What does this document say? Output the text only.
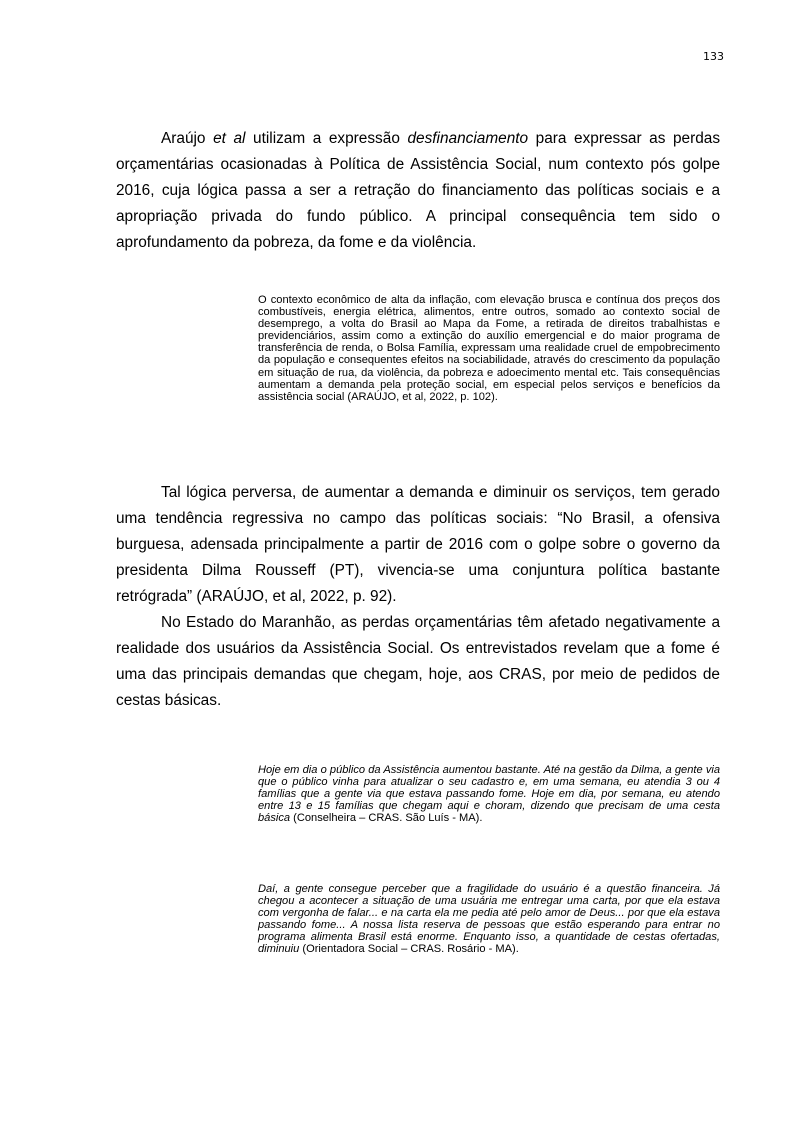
133

Araújo et al utilizam a expressão desfinanciamento para expressar as perdas orçamentárias ocasionadas à Política de Assistência Social, num contexto pós golpe 2016, cuja lógica passa a ser a retração do financiamento das políticas sociais e a apropriação privada do fundo público. A principal consequência tem sido o aprofundamento da pobreza, da fome e da violência.

O contexto econômico de alta da inflação, com elevação brusca e contínua dos preços dos combustíveis, energia elétrica, alimentos, entre outros, somado ao contexto social de desemprego, a volta do Brasil ao Mapa da Fome, a retirada de direitos trabalhistas e previdenciários, assim como a extinção do auxílio emergencial e do maior programa de transferência de renda, o Bolsa Família, expressam uma realidade cruel de empobrecimento da população e consequentes efeitos na sociabilidade, através do crescimento da população em situação de rua, da violência, da pobreza e adoecimento mental etc. Tais consequências aumentam a demanda pela proteção social, em especial pelos serviços e benefícios da assistência social (ARAÚJO, et al, 2022, p. 102).

Tal lógica perversa, de aumentar a demanda e diminuir os serviços, tem gerado uma tendência regressiva no campo das políticas sociais: “No Brasil, a ofensiva burguesa, adensada principalmente a partir de 2016 com o golpe sobre o governo da presidenta Dilma Rousseff (PT), vivencia-se uma conjuntura política bastante retrógrada” (ARAÚJO, et al, 2022, p. 92).

No Estado do Maranhão, as perdas orçamentárias têm afetado negativamente a realidade dos usuários da Assistência Social. Os entrevistados revelam que a fome é uma das principais demandas que chegam, hoje, aos CRAS, por meio de pedidos de cestas básicas.

Hoje em dia o público da Assistência aumentou bastante. Até na gestão da Dilma, a gente via que o público vinha para atualizar o seu cadastro e, em uma semana, eu atendia 3 ou 4 famílias que a gente via que estava passando fome. Hoje em dia, por semana, eu atendo entre 13 e 15 famílias que chegam aqui e choram, dizendo que precisam de uma cesta básica (Conselheira – CRAS. São Luís - MA).

Daí, a gente consegue perceber que a fragilidade do usuário é a questão financeira. Já chegou a acontecer a situação de uma usuária me entregar uma carta, por que ela estava com vergonha de falar... e na carta ela me pedia até pelo amor de Deus... por que ela estava passando fome... A nossa lista reserva de pessoas que estão esperando para entrar no programa alimenta Brasil está enorme. Enquanto isso, a quantidade de cestas ofertadas, diminuiu (Orientadora Social – CRAS. Rosário - MA).
